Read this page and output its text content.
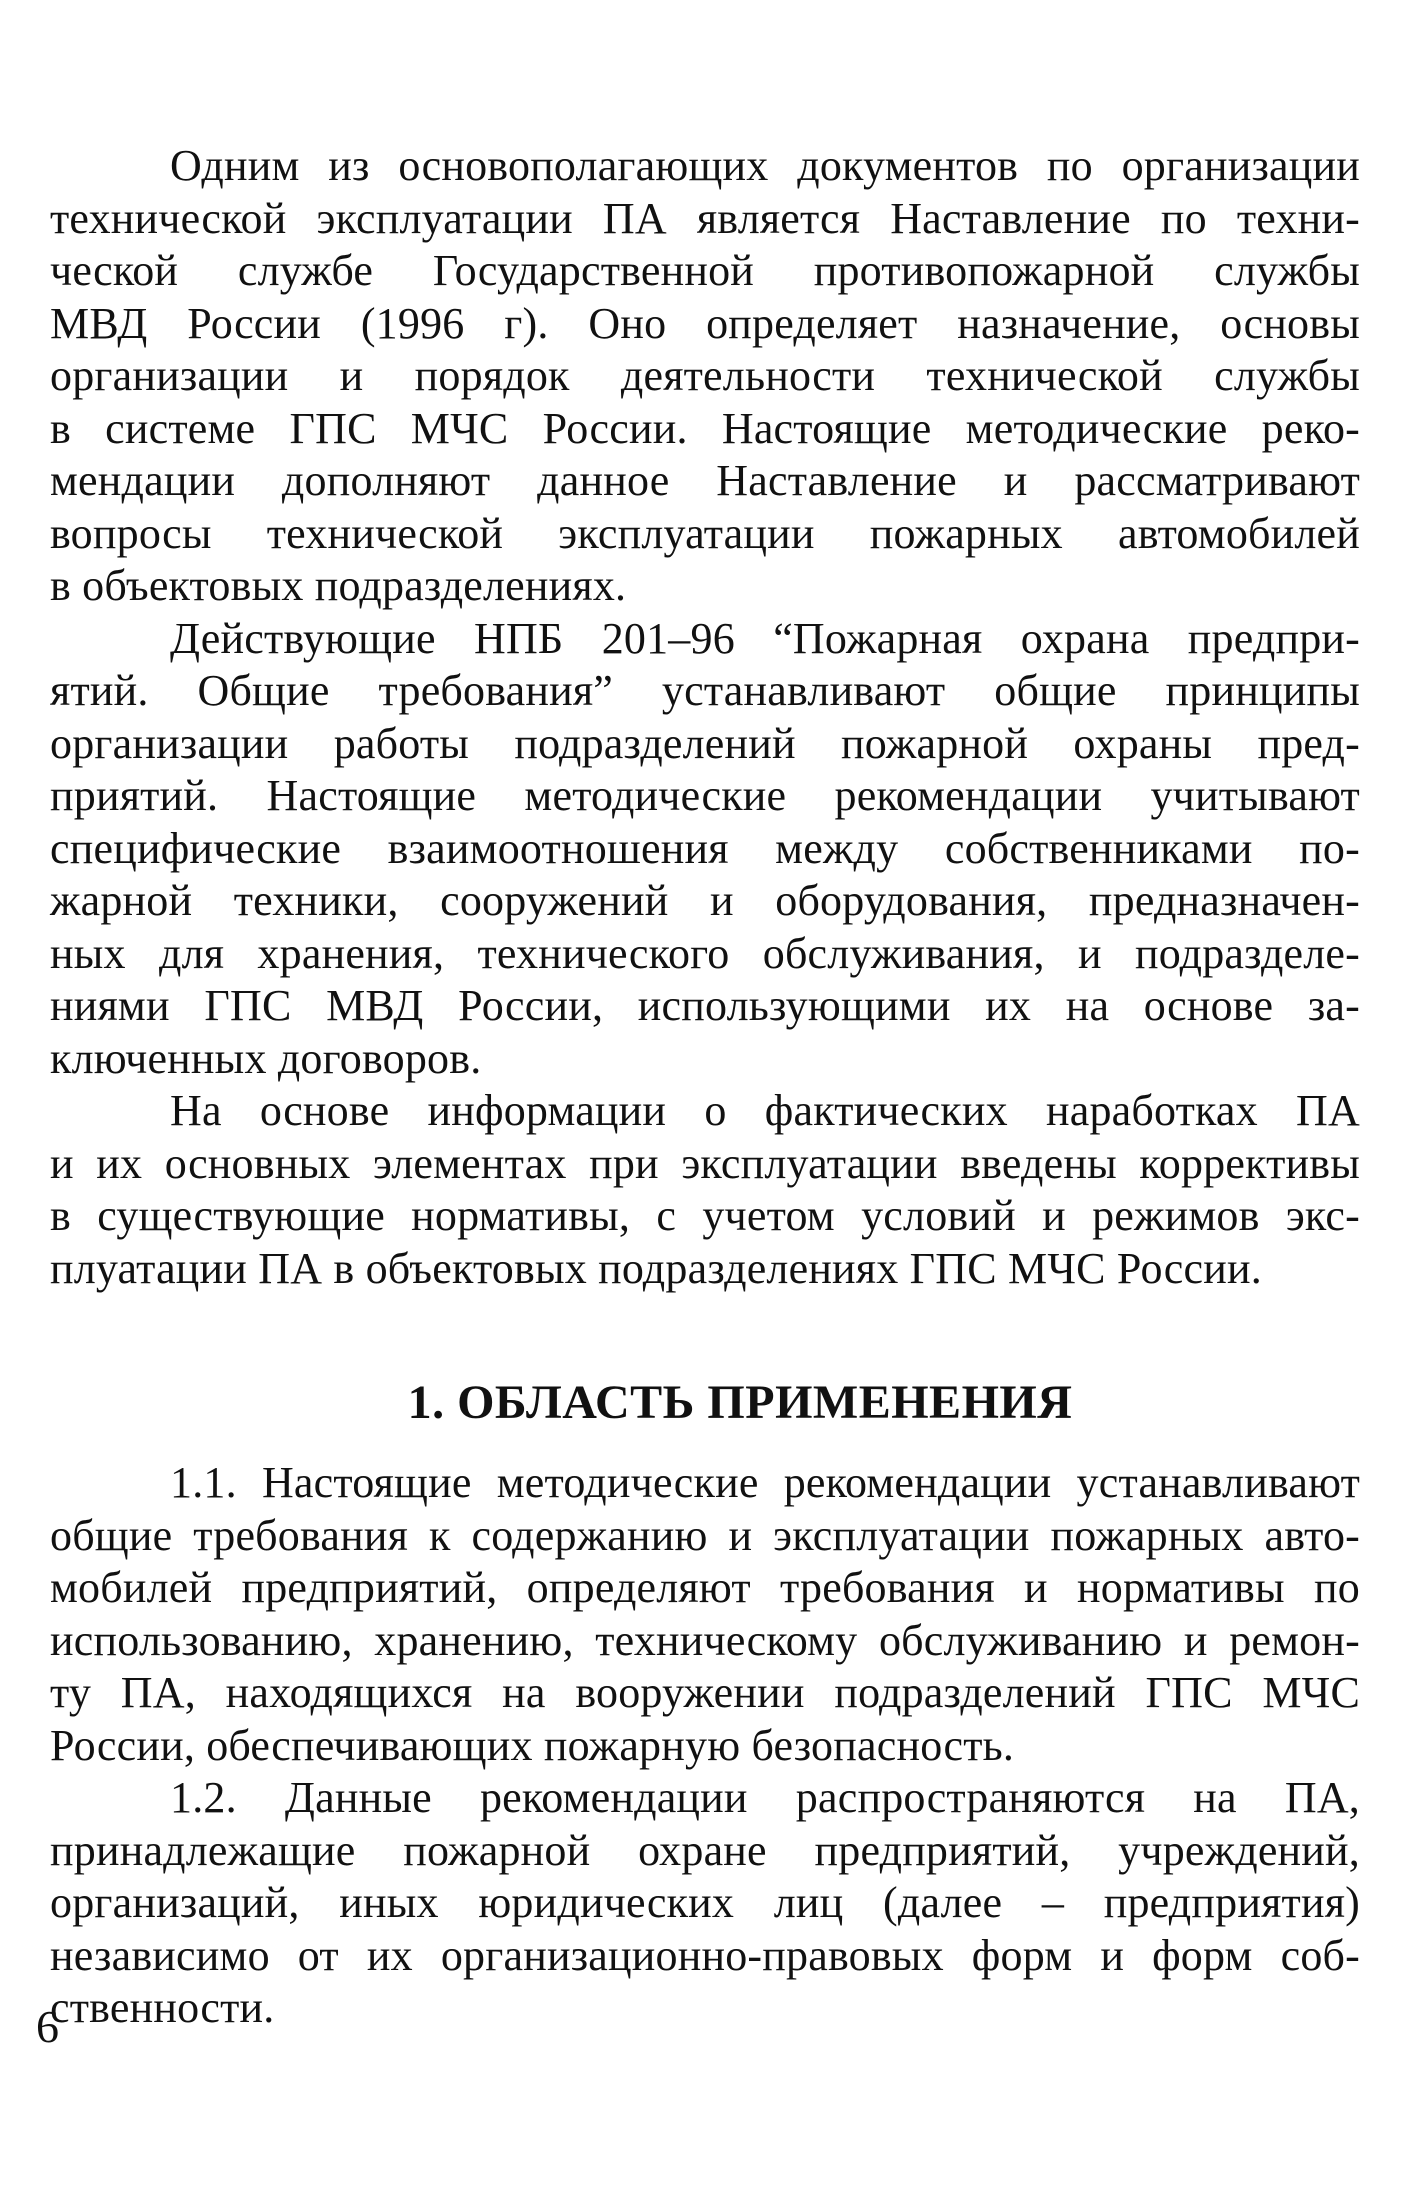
Одним из основополагающих документов по организации
технической эксплуатации ПА является Наставление по техни-
ческой службе Государственной противопожарной службы
МВД России (1996 г). Оно определяет назначение, основы
организации и порядок деятельности технической службы
в системе ГПС МЧС России. Настоящие методические реко-
мендации дополняют данное Наставление и рассматривают
вопросы технической эксплуатации пожарных автомобилей
в объектовых подразделениях.
Действующие НПБ 201–96 “Пожарная охрана предпри-
ятий. Общие требования” устанавливают общие принципы
организации работы подразделений пожарной охраны пред-
приятий. Настоящие методические рекомендации учитывают
специфические взаимоотношения между собственниками по-
жарной техники, сооружений и оборудования, предназначен-
ных для хранения, технического обслуживания, и подразделе-
ниями ГПС МВД России, использующими их на основе за-
ключенных договоров.
На основе информации о фактических наработках ПА
и их основных элементах при эксплуатации введены коррективы
в существующие нормативы, с учетом условий и режимов экс-
плуатации ПА в объектовых подразделениях ГПС МЧС России.
1. ОБЛАСТЬ ПРИМЕНЕНИЯ
1.1. Настоящие методические рекомендации устанавливают
общие требования к содержанию и эксплуатации пожарных авто-
мобилей предприятий, определяют требования и нормативы по
использованию, хранению, техническому обслуживанию и ремон-
ту ПА, находящихся на вооружении подразделений ГПС МЧС
России, обеспечивающих пожарную безопасность.
1.2. Данные рекомендации распространяются на ПА,
принадлежащие пожарной охране предприятий, учреждений,
организаций, иных юридических лиц (далее – предприятия)
независимо от их организационно-правовых форм и форм соб-
ственности.
6
